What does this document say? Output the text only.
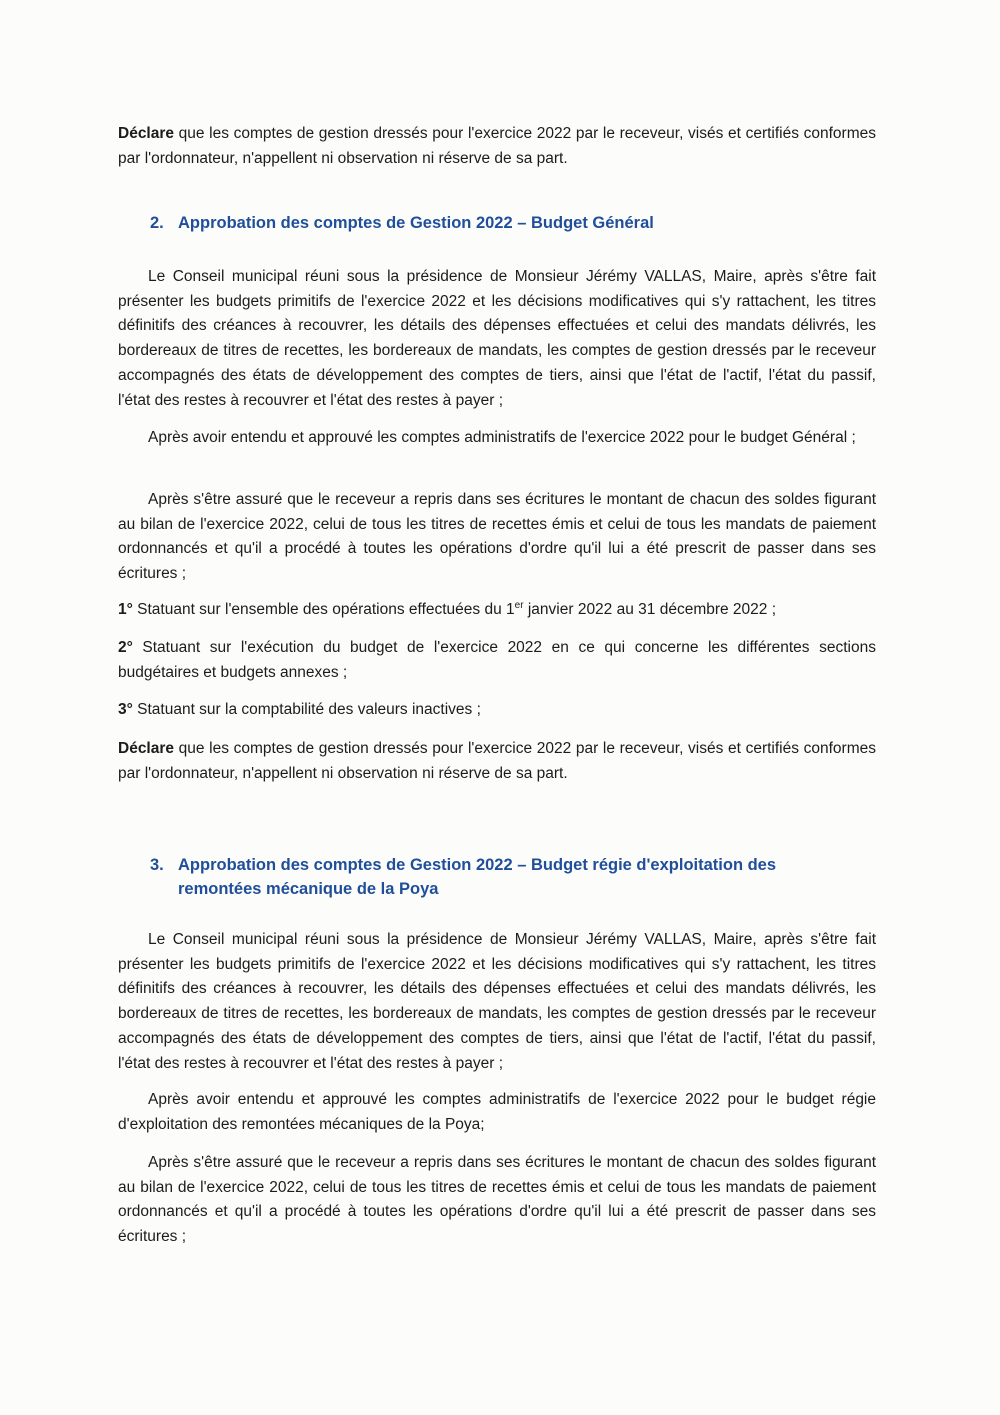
Déclare que les comptes de gestion dressés pour l'exercice 2022 par le receveur, visés et certifiés conformes par l'ordonnateur, n'appellent ni observation ni réserve de sa part.

2. Approbation des comptes de Gestion 2022 – Budget Général

Le Conseil municipal réuni sous la présidence de Monsieur Jérémy VALLAS, Maire, après s'être fait présenter les budgets primitifs de l'exercice 2022 et les décisions modificatives qui s'y rattachent, les titres définitifs des créances à recouvrer, les détails des dépenses effectuées et celui des mandats délivrés, les bordereaux de titres de recettes, les bordereaux de mandats, les comptes de gestion dressés par le receveur accompagnés des états de développement des comptes de tiers, ainsi que l'état de l'actif, l'état du passif, l'état des restes à recouvrer et l'état des restes à payer ;

Après avoir entendu et approuvé les comptes administratifs de l'exercice 2022 pour le budget Général ;

Après s'être assuré que le receveur a repris dans ses écritures le montant de chacun des soldes figurant au bilan de l'exercice 2022, celui de tous les titres de recettes émis et celui de tous les mandats de paiement ordonnancés et qu'il a procédé à toutes les opérations d'ordre qu'il lui a été prescrit de passer dans ses écritures ;

1° Statuant sur l'ensemble des opérations effectuées du 1er janvier 2022 au 31 décembre 2022 ;

2° Statuant sur l'exécution du budget de l'exercice 2022 en ce qui concerne les différentes sections budgétaires et budgets annexes ;

3° Statuant sur la comptabilité des valeurs inactives ;

Déclare que les comptes de gestion dressés pour l'exercice 2022 par le receveur, visés et certifiés conformes par l'ordonnateur, n'appellent ni observation ni réserve de sa part.

3. Approbation des comptes de Gestion 2022 – Budget régie d'exploitation des
remontées mécanique de la Poya

Le Conseil municipal réuni sous la présidence de Monsieur Jérémy VALLAS, Maire, après s'être fait présenter les budgets primitifs de l'exercice 2022 et les décisions modificatives qui s'y rattachent, les titres définitifs des créances à recouvrer, les détails des dépenses effectuées et celui des mandats délivrés, les bordereaux de titres de recettes, les bordereaux de mandats, les comptes de gestion dressés par le receveur accompagnés des états de développement des comptes de tiers, ainsi que l'état de l'actif, l'état du passif, l'état des restes à recouvrer et l'état des restes à payer ;

Après avoir entendu et approuvé les comptes administratifs de l'exercice 2022 pour le budget régie d'exploitation des remontées mécaniques de la Poya;

Après s'être assuré que le receveur a repris dans ses écritures le montant de chacun des soldes figurant au bilan de l'exercice 2022, celui de tous les titres de recettes émis et celui de tous les mandats de paiement ordonnancés et qu'il a procédé à toutes les opérations d'ordre qu'il lui a été prescrit de passer dans ses écritures ;
